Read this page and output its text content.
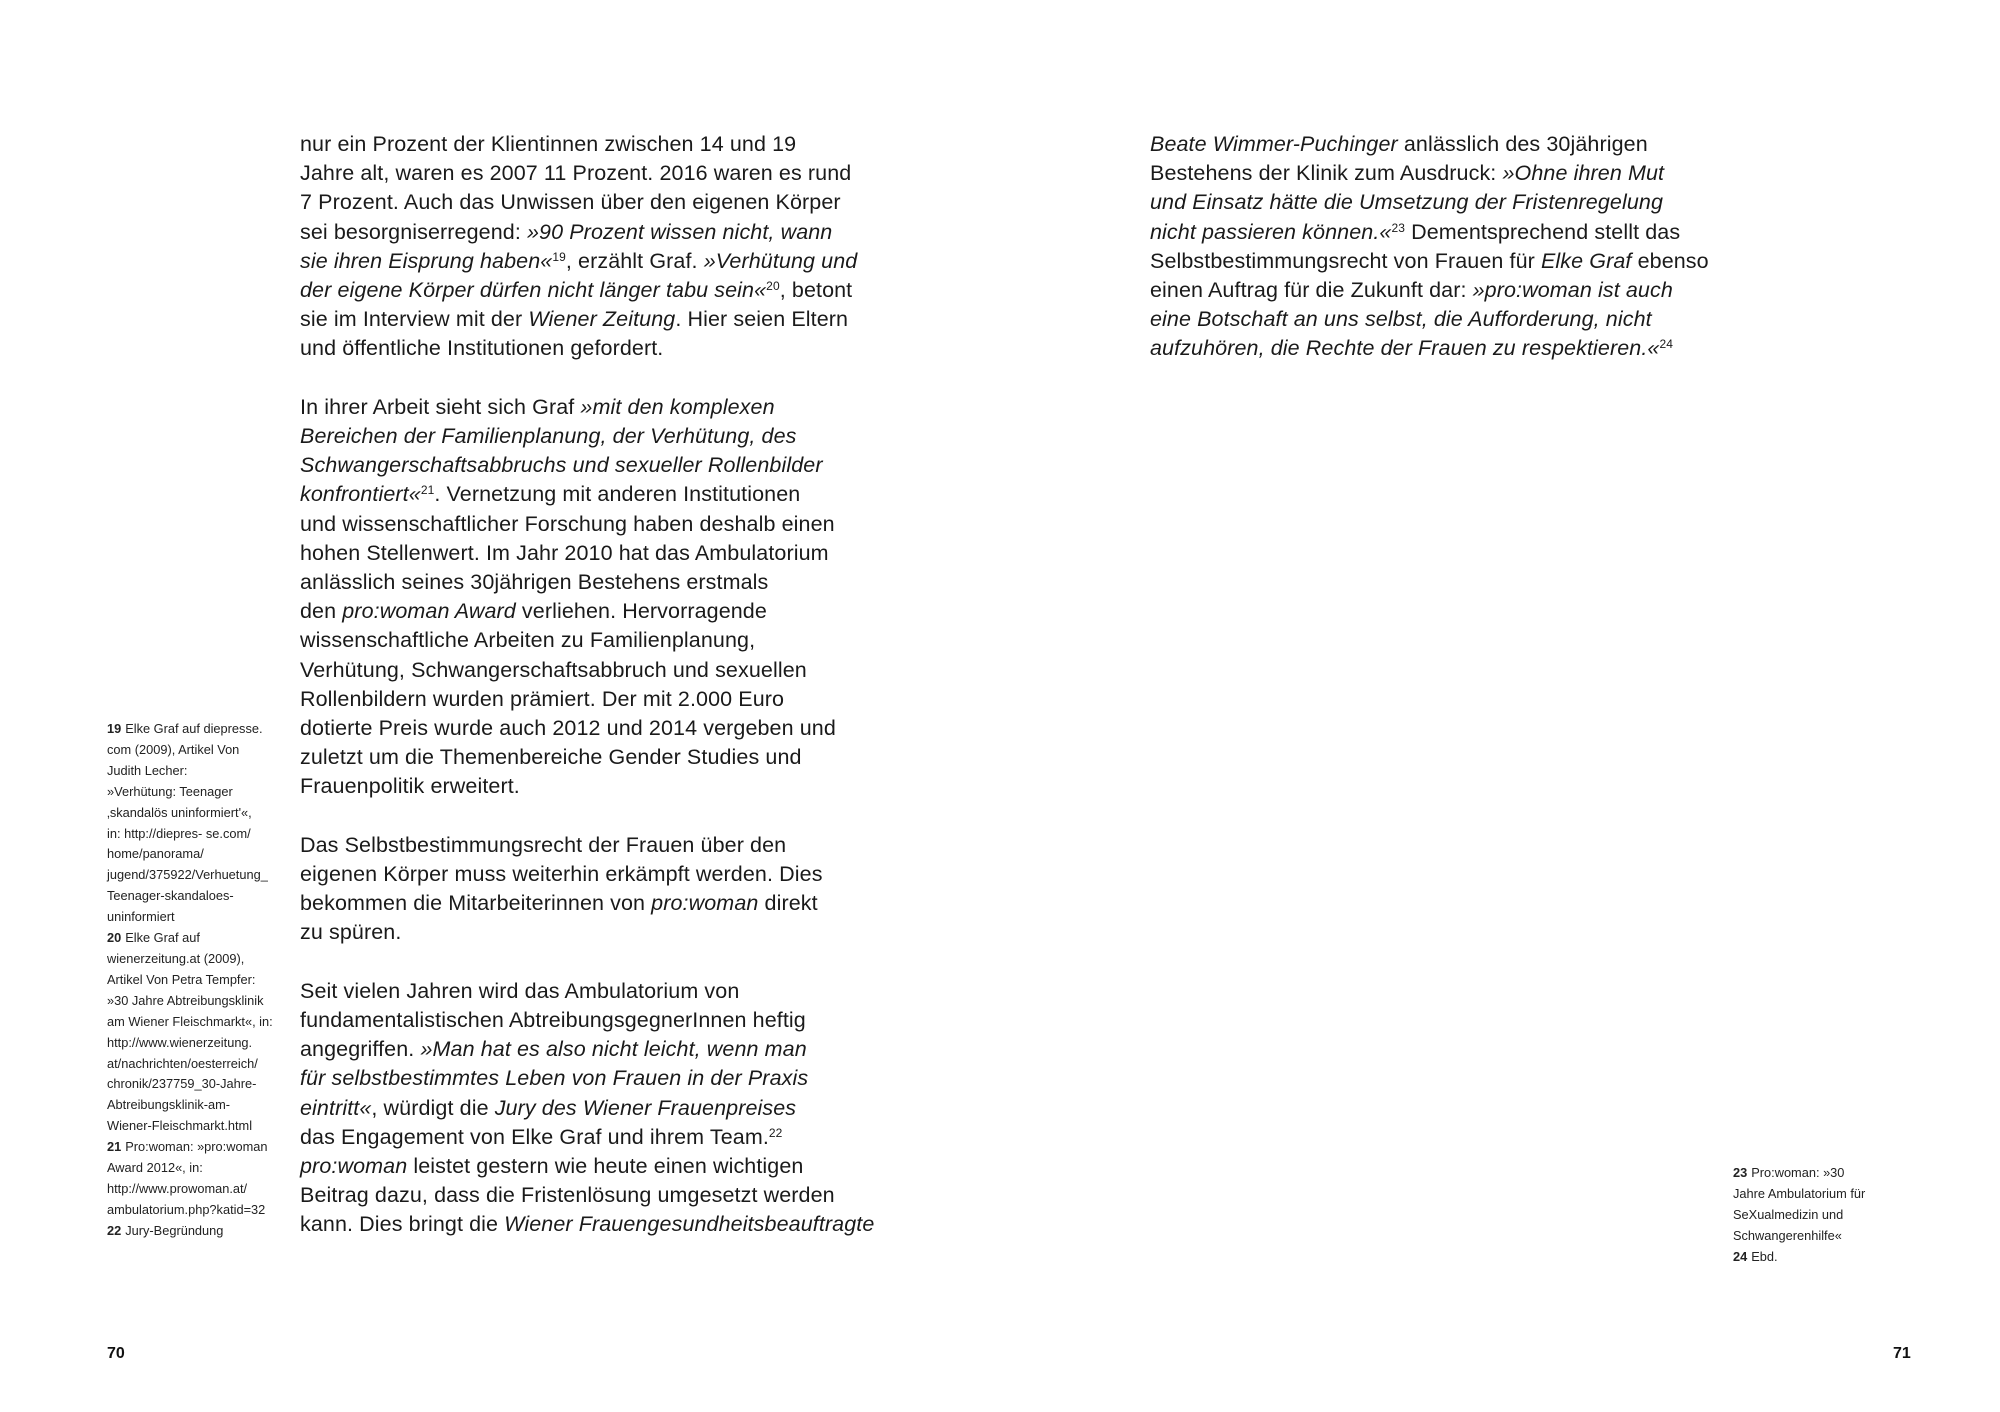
nur ein Prozent der Klientinnen zwischen 14 und 19
Jahre alt, waren es 2007 11 Prozent. 2016 waren es rund
7 Prozent. Auch das Unwissen über den eigenen Körper
sei besorgniserregend: »90 Prozent wissen nicht, wann
sie ihren Eisprung haben«$^{19}$, erzählt Graf. »Verhütung und
der eigene Körper dürfen nicht länger tabu sein«$^{20}$, betont
sie im Interview mit der Wiener Zeitung. Hier seien Eltern
und öffentliche Institutionen gefordert.

In ihrer Arbeit sieht sich Graf »mit den komplexen
Bereichen der Familienplanung, der Verhütung, des
Schwangerschaftsabbruchs und sexueller Rollenbilder
konfrontiert«$^{21}$. Vernetzung mit anderen Institutionen
und wissenschaftlicher Forschung haben deshalb einen
hohen Stellenwert. Im Jahr 2010 hat das Ambulatorium
anlässlich seines 30jährigen Bestehens erstmals
den pro:woman Award verliehen. Hervorragende
wissenschaftliche Arbeiten zu Familienplanung,
Verhütung, Schwangerschaftsabbruch und sexuellen
Rollenbildern wurden prämiert. Der mit 2.000 Euro
dotierte Preis wurde auch 2012 und 2014 vergeben und
zuletzt um die Themenbereiche Gender Studies und
Frauenpolitik erweitert.

Das Selbstbestimmungsrecht der Frauen über den
eigenen Körper muss weiterhin erkämpft werden. Dies
bekommen die Mitarbeiterinnen von pro:woman direkt
zu spüren.

Seit vielen Jahren wird das Ambulatorium von
fundamentalistischen AbtreibungsgegnerInnen heftig
angegriffen. »Man hat es also nicht leicht, wenn man
für selbstbestimmtes Leben von Frauen in der Praxis
eintritt«, würdigt die Jury des Wiener Frauenpreises
das Engagement von Elke Graf und ihrem Team.$^{22}$
pro:woman leistet gestern wie heute einen wichtigen
Beitrag dazu, dass die Fristenlösung umgesetzt werden
kann. Dies bringt die Wiener Frauengesundheitsbeauftragte

19 Elke Graf auf diepresse.
com (2009), Artikel Von
Judith Lecher:
»Verhütung: Teenager
‚skandalös uninformiert'«,
in: http://diepres- se.com/
home/panorama/
jugend/375922/Verhuetung_
Teenager-skandaloes-
uninformiert
20 Elke Graf auf
wienerzeitung.at (2009),
Artikel Von Petra Tempfer:
»30 Jahre Abtreibungsklinik
am Wiener Fleischmarkt«, in:
http://www.wienerzeitung.
at/nachrichten/oesterreich/
chronik/237759_30-Jahre-
Abtreibungsklinik-am-
Wiener-Fleischmarkt.html
21 Pro:woman: »pro:woman
Award 2012«, in:
http://www.prowoman.at/
ambulatorium.php?katid=32
22 Jury-Begründung
70

Beate Wimmer-Puchinger anlässlich des 30jährigen
Bestehens der Klinik zum Ausdruck: »Ohne ihren Mut
und Einsatz hätte die Umsetzung der Fristenregelung
nicht passieren können.«$^{23}$ Dementsprechend stellt das
Selbstbestimmungsrecht von Frauen für Elke Graf ebenso
einen Auftrag für die Zukunft dar: »pro:woman ist auch
eine Botschaft an uns selbst, die Aufforderung, nicht
aufzuhören, die Rechte der Frauen zu respektieren.«$^{24}$

23 Pro:woman: »30
Jahre Ambulatorium für
SeXualmedizin und
Schwangerenhilfe«
24 Ebd.
71
